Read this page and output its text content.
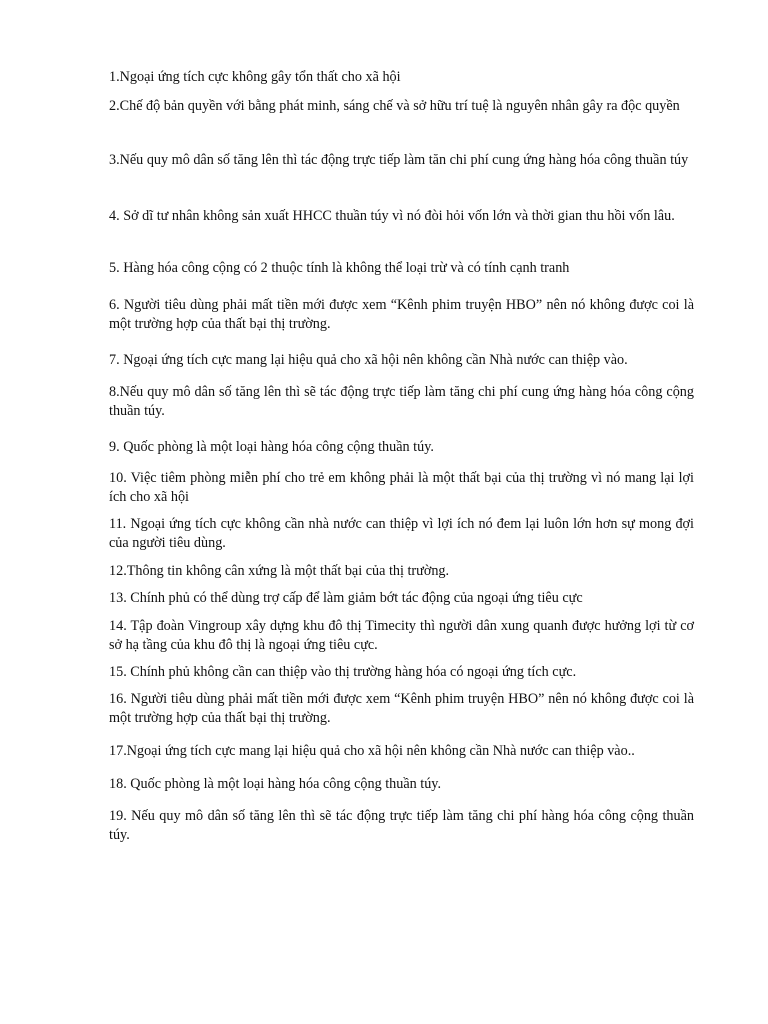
1.Ngoại ứng tích cực không gây tổn thất cho xã hội

2.Chế độ bản quyền với bằng phát minh, sáng chế và sở hữu trí tuệ là nguyên nhân gây ra độc quyền

3.Nếu quy mô dân số tăng lên thì tác động trực tiếp làm tăn chi phí cung ứng hàng hóa công thuần túy

4. Sở dĩ tư nhân không sản xuất HHCC thuần túy vì nó đòi hỏi vốn lớn và thời gian thu hồi vốn lâu.

5. Hàng hóa công cộng có 2 thuộc tính là không thể loại trừ và có tính cạnh tranh

6. Người tiêu dùng phải mất tiền mới được xem “Kênh phim truyện HBO” nên nó không được coi là một trường hợp của thất bại thị trường.

7. Ngoại ứng tích cực mang lại hiệu quả cho xã hội nên không cần Nhà nước can thiệp vào.

8.Nếu quy mô dân số tăng lên thì sẽ tác động trực tiếp làm tăng chi phí cung ứng hàng hóa công cộng thuần túy.

9. Quốc phòng là một loại hàng hóa công cộng thuần túy.

10. Việc tiêm phòng miễn phí cho trẻ em không phải là một thất bại của thị trường vì nó mang lại lợi ích cho xã hội

11. Ngoại ứng tích cực không cần nhà nước can thiệp vì lợi ích nó đem lại luôn lớn hơn sự mong đợi của người tiêu dùng.

12.Thông tin không cân xứng là một thất bại của thị trường.

13. Chính phủ có thể dùng trợ cấp để làm giảm bớt tác động của ngoại ứng tiêu cực

14. Tập đoàn Vingroup xây dựng khu đô thị Timecity thì người dân xung quanh được hưởng lợi từ cơ sở hạ tầng của khu đô thị là ngoại ứng tiêu cực.

15. Chính phủ không cần can thiệp vào thị trường hàng hóa có ngoại ứng tích cực.

16. Người tiêu dùng phải mất tiền mới được xem “Kênh phim truyện HBO” nên nó không được coi là một trường hợp của thất bại thị trường.

17.Ngoại ứng tích cực mang lại hiệu quả cho xã hội nên không cần Nhà nước can thiệp vào..

18. Quốc phòng là một loại hàng hóa công cộng thuần túy.

19. Nếu quy mô dân số tăng lên thì sẽ tác động trực tiếp làm tăng chi phí hàng hóa công cộng thuần túy.
